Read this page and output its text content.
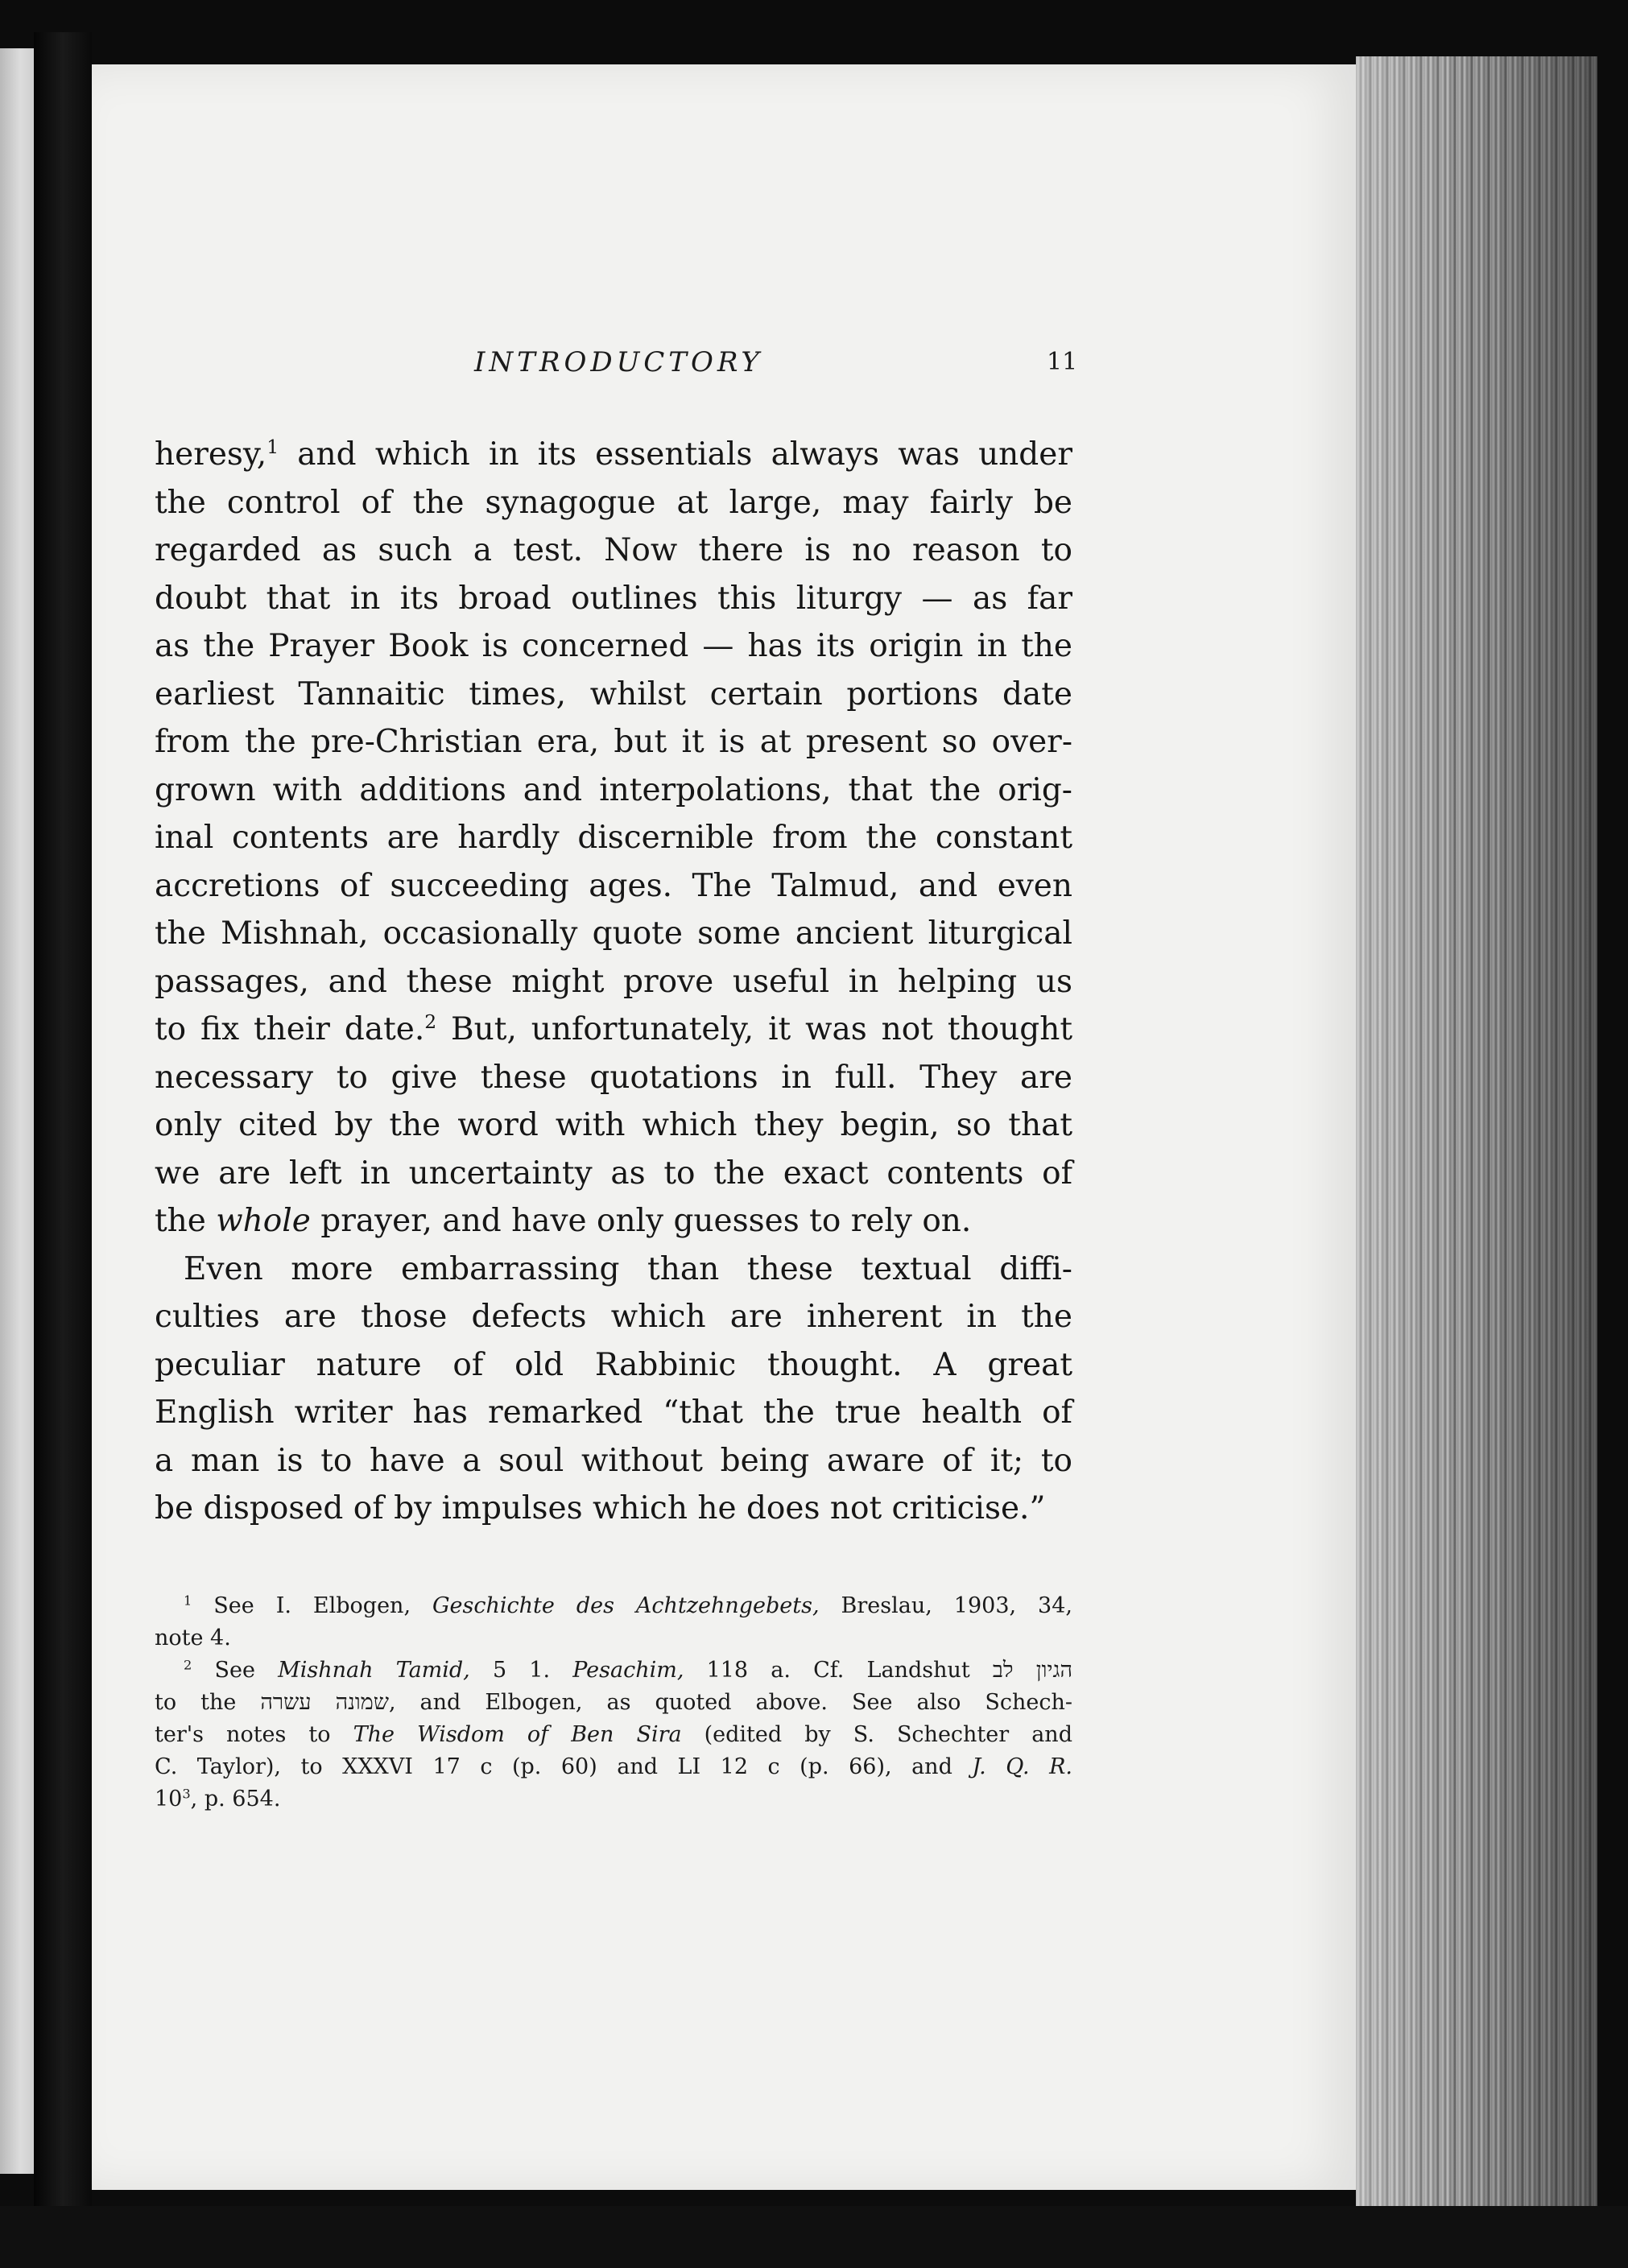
INTRODUCTORY	11
heresy,$^1$ and which in its essentials always was under
the control of the synagogue at large, may fairly be
regarded as such a test. Now there is no reason to
doubt that in its broad outlines this liturgy — as far
as the Prayer Book is concerned — has its origin in the
earliest Tannaitic times, whilst certain portions date
from the pre-Christian era, but it is at present so over-
grown with additions and interpolations, that the orig-
inal contents are hardly discernible from the constant
accretions of succeeding ages. The Talmud, and even
the Mishnah, occasionally quote some ancient liturgical
passages, and these might prove useful in helping us
to fix their date.$^2$ But, unfortunately, it was not thought
necessary to give these quotations in full. They are
only cited by the word with which they begin, so that
we are left in uncertainty as to the exact contents of
the whole prayer, and have only guesses to rely on.
Even more embarrassing than these textual diffi-
culties are those defects which are inherent in the
peculiar nature of old Rabbinic thought. A great
English writer has remarked “that the true health of
a man is to have a soul without being aware of it; to
be disposed of by impulses which he does not criticise.”
$^1$ See I. Elbogen, Geschichte des Achtzehngebets, Breslau, 1903, 34,
note 4.
$^2$ See Mishnah Tamid, 5 1. Pesachim, 118 a. Cf. Landshut הגיון לב
to the שמונה עשרה, and Elbogen, as quoted above. See also Schech-
ter's notes to The Wisdom of Ben Sira (edited by S. Schechter and
C. Taylor), to XXXVI 17 c (p. 60) and LI 12 c (p. 66), and J. Q. R.
$10^3$, p. 654.
